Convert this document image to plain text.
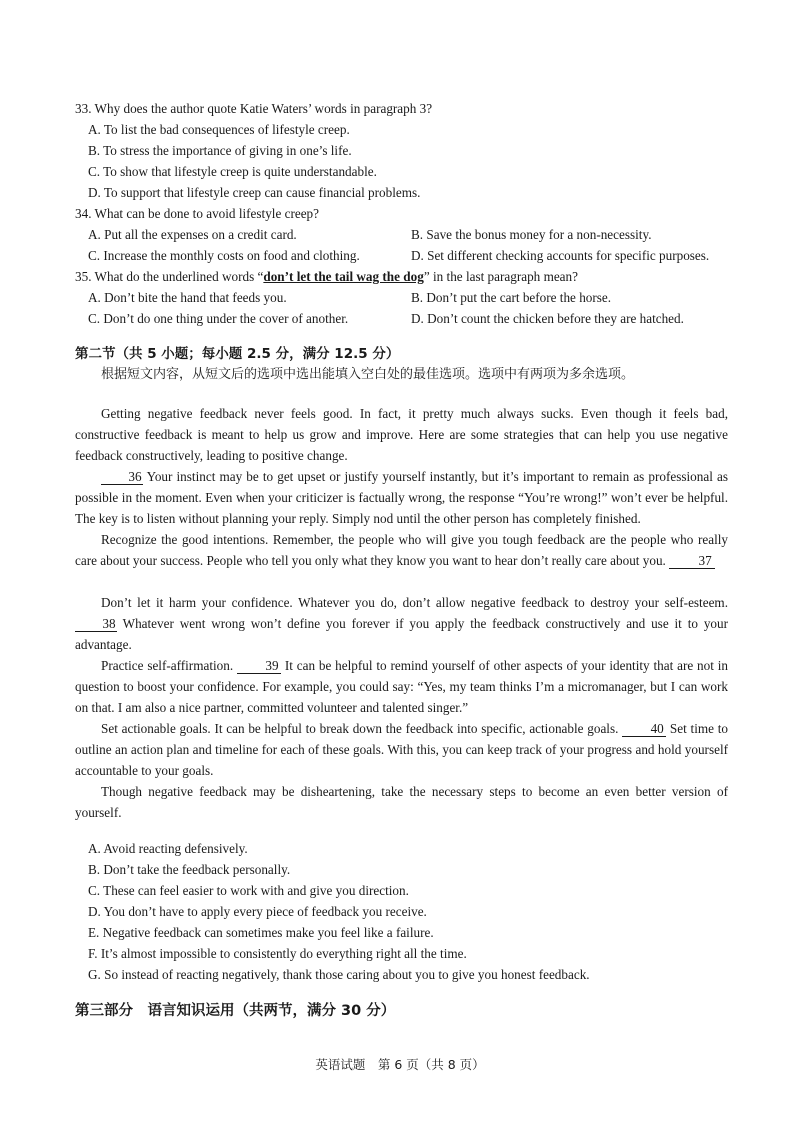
33. Why does the author quote Katie Waters’ words in paragraph 3?
A. To list the bad consequences of lifestyle creep.
B. To stress the importance of giving in one’s life.
C. To show that lifestyle creep is quite understandable.
D. To support that lifestyle creep can cause financial problems.
34. What can be done to avoid lifestyle creep?
A. Put all the expenses on a credit card.	B. Save the bonus money for a non-necessity.
C. Increase the monthly costs on food and clothing.	D. Set different checking accounts for specific purposes.
35. What do the underlined words “don’t let the tail wag the dog” in the last paragraph mean?
A. Don’t bite the hand that feeds you.	B. Don’t put the cart before the horse.
C. Don’t do one thing under the cover of another.	D. Don’t count the chicken before they are hatched.
第二节（共 5 小题；每小题 2.5 分，满分 12.5 分）
根据短文内容，从短文后的选项中选出能填入空白处的最佳选项。选项中有两项为多余选项。
Getting negative feedback never feels good. In fact, it pretty much always sucks. Even though it feels bad, constructive feedback is meant to help us grow and improve. Here are some strategies that can help you use negative feedback constructively, leading to positive change.
36 Your instinct may be to get upset or justify yourself instantly, but it’s important to remain as professional as possible in the moment. Even when your criticizer is factually wrong, the response “You’re wrong!” won’t ever be helpful. The key is to listen without planning your reply. Simply nod until the other person has completely finished.
Recognize the good intentions. Remember, the people who will give you tough feedback are the people who really care about your success. People who tell you only what they know you want to hear don’t really care about you. 37
Don’t let it harm your confidence. Whatever you do, don’t allow negative feedback to destroy your self-esteem. 38 Whatever went wrong won’t define you forever if you apply the feedback constructively and use it to your advantage.
Practice self-affirmation. 39 It can be helpful to remind yourself of other aspects of your identity that are not in question to boost your confidence. For example, you could say: “Yes, my team thinks I’m a micromanager, but I can work on that. I am also a nice partner, committed volunteer and talented singer.”
Set actionable goals. It can be helpful to break down the feedback into specific, actionable goals. 40 Set time to outline an action plan and timeline for each of these goals. With this, you can keep track of your progress and hold yourself accountable to your goals.
Though negative feedback may be disheartening, take the necessary steps to become an even better version of yourself.
A. Avoid reacting defensively.
B. Don’t take the feedback personally.
C. These can feel easier to work with and give you direction.
D. You don’t have to apply every piece of feedback you receive.
E. Negative feedback can sometimes make you feel like a failure.
F. It’s almost impossible to consistently do everything right all the time.
G. So instead of reacting negatively, thank those caring about you to give you honest feedback.
第三部分　语言知识运用（共两节，满分 30 分）
英语试题　第 6 页（共 8 页）
